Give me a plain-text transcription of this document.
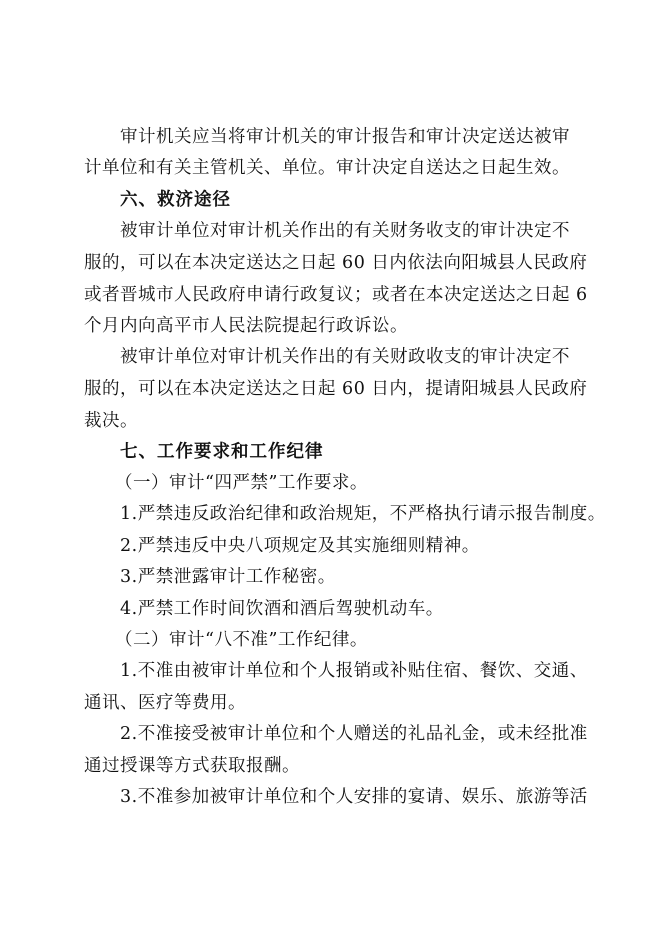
审计机关应当将审计机关的审计报告和审计决定送达被审
计单位和有关主管机关、单位。审计决定自送达之日起生效。
六、救济途径
被审计单位对审计机关作出的有关财务收支的审计决定不
服的，可以在本决定送达之日起 60 日内依法向阳城县人民政府
或者晋城市人民政府申请行政复议；或者在本决定送达之日起 6
个月内向高平市人民法院提起行政诉讼。
被审计单位对审计机关作出的有关财政收支的审计决定不
服的，可以在本决定送达之日起 60 日内，提请阳城县人民政府
裁决。
七、工作要求和工作纪律
（一）审计“四严禁”工作要求。
1.严禁违反政治纪律和政治规矩，不严格执行请示报告制度。
2.严禁违反中央八项规定及其实施细则精神。
3.严禁泄露审计工作秘密。
4.严禁工作时间饮酒和酒后驾驶机动车。
（二）审计“八不准”工作纪律。
1.不准由被审计单位和个人报销或补贴住宿、餐饮、交通、
通讯、医疗等费用。
2.不准接受被审计单位和个人赠送的礼品礼金，或未经批准
通过授课等方式获取报酬。
3.不准参加被审计单位和个人安排的宴请、娱乐、旅游等活
